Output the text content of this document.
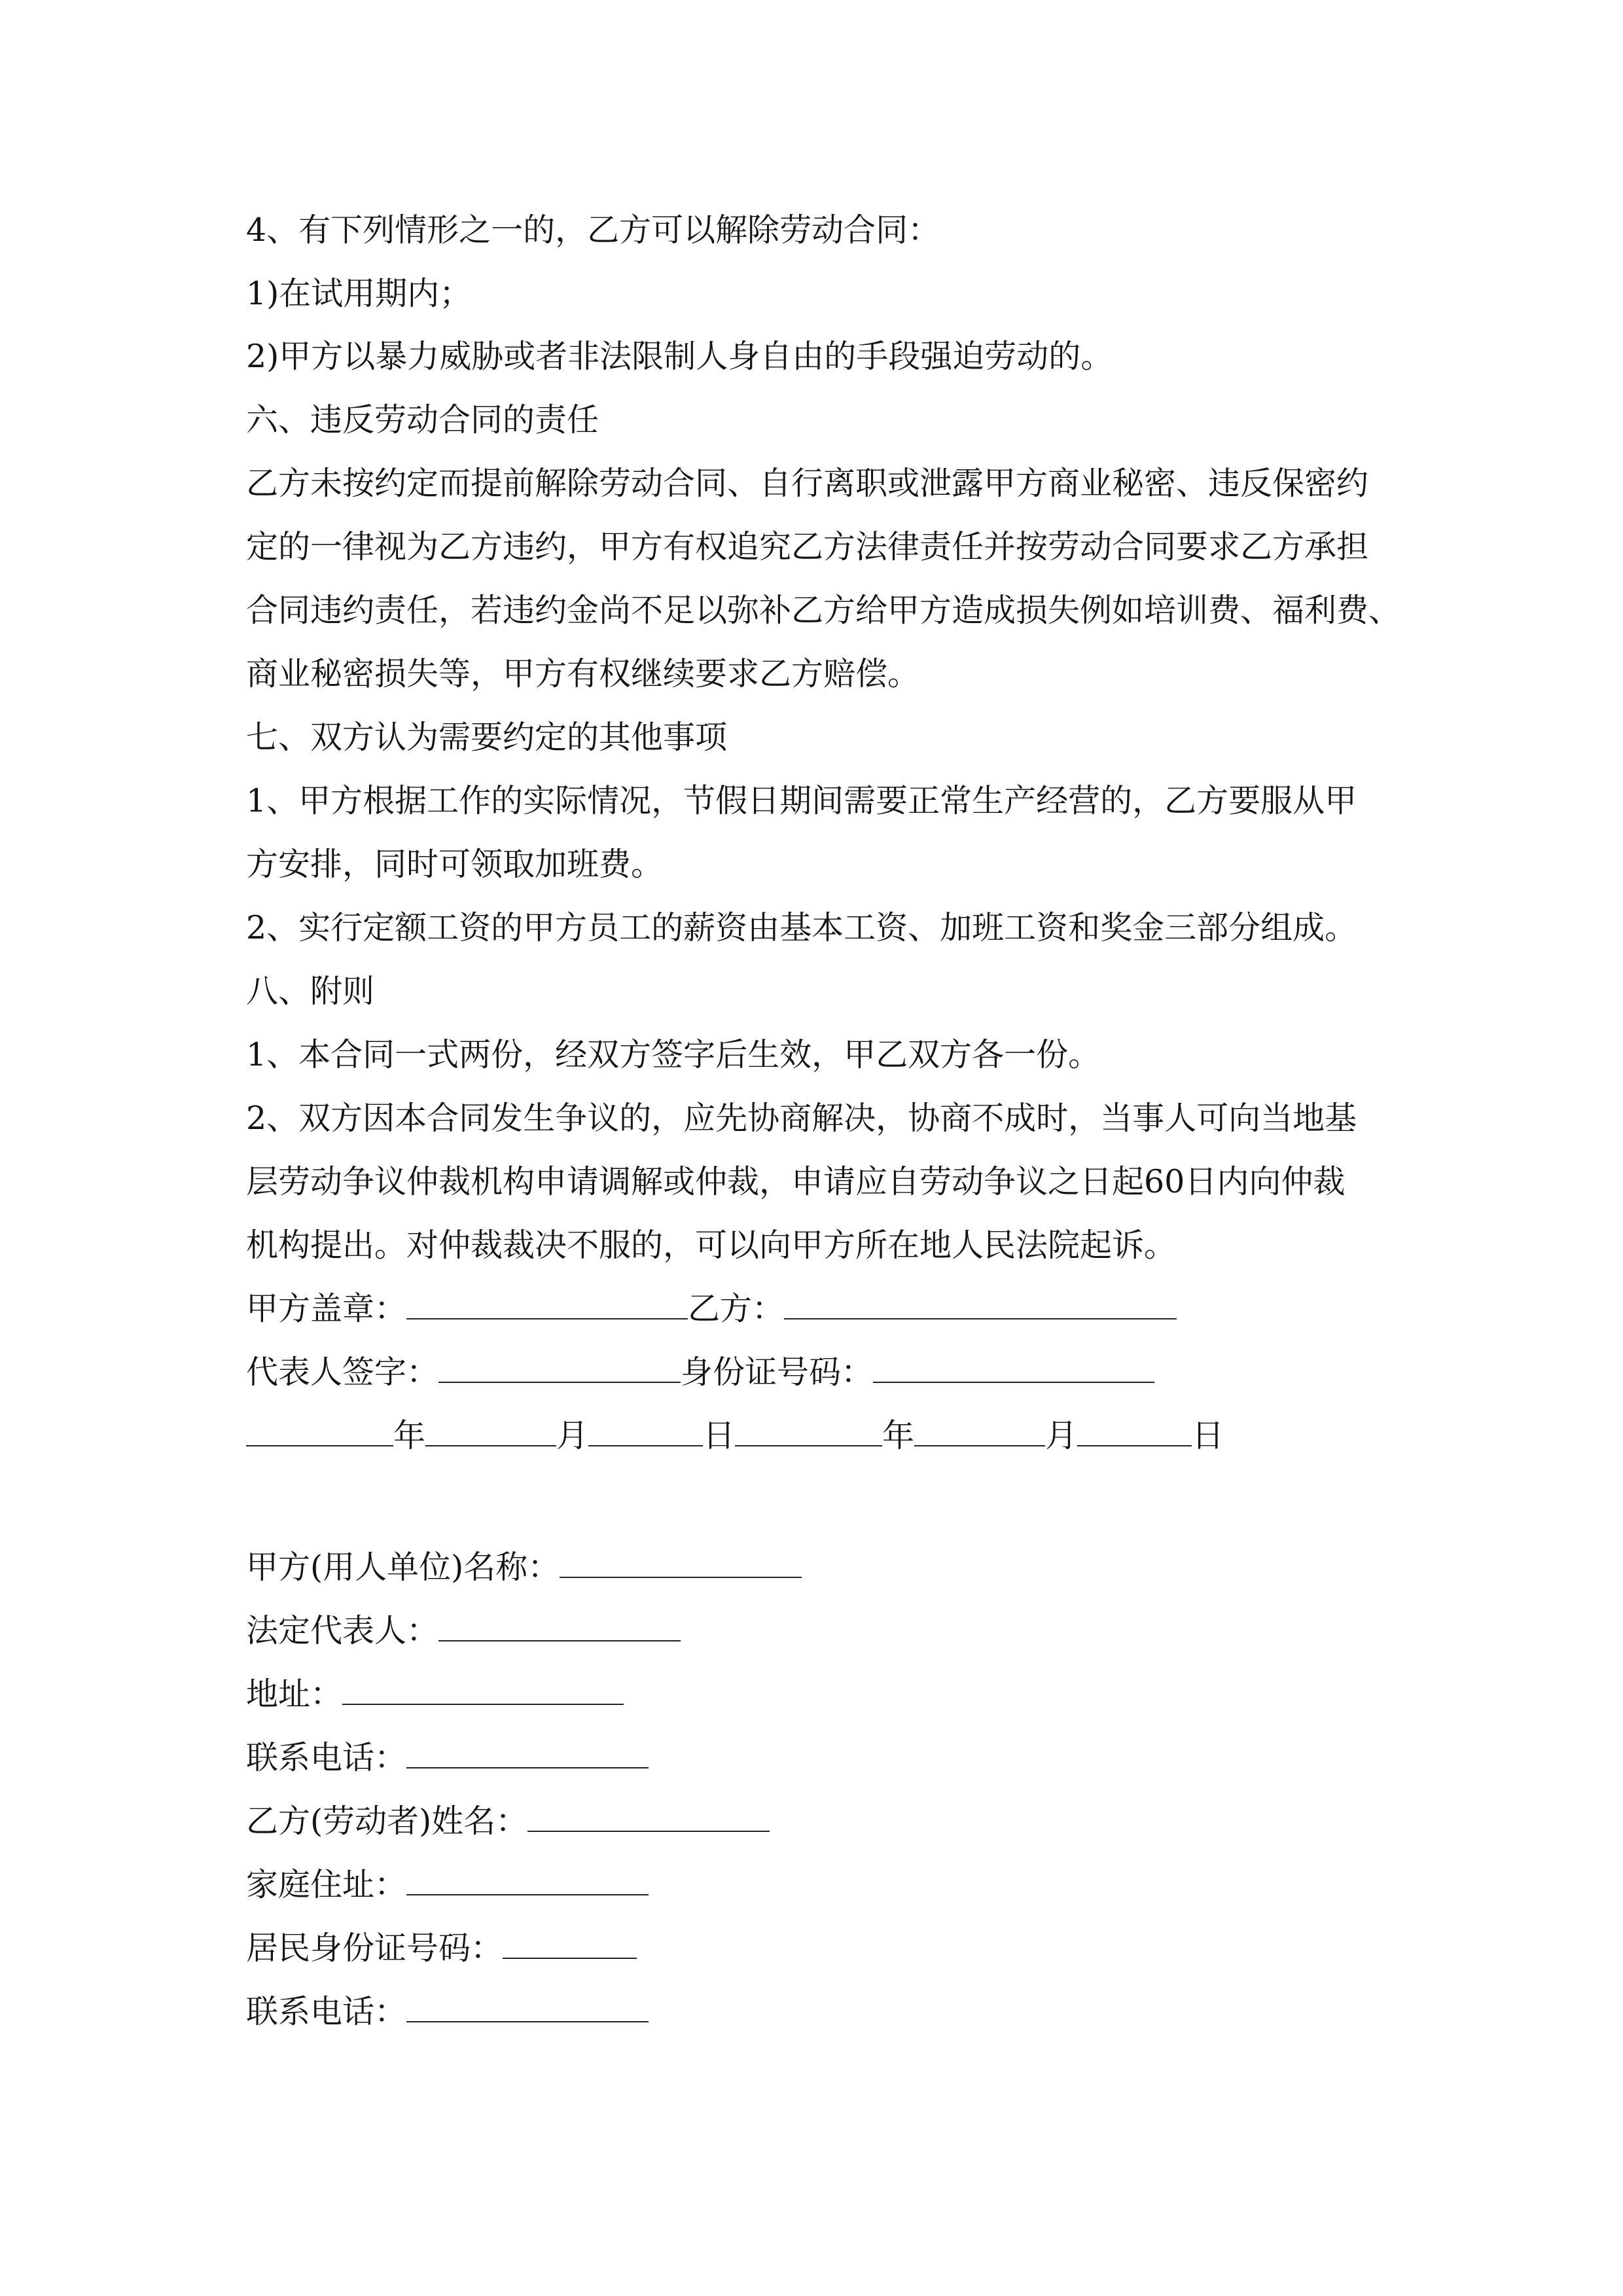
4、有下列情形之一的，乙方可以解除劳动合同：

1)在试用期内；

2)甲方以暴力威胁或者非法限制人身自由的手段强迫劳动的。

六、违反劳动合同的责任

乙方未按约定而提前解除劳动合同、自行离职或泄露甲方商业秘密、违反保密约

定的一律视为乙方违约，甲方有权追究乙方法律责任并按劳动合同要求乙方承担

合同违约责任，若违约金尚不足以弥补乙方给甲方造成损失例如培训费、福利费、

商业秘密损失等，甲方有权继续要求乙方赔偿。

七、双方认为需要约定的其他事项

1、甲方根据工作的实际情况，节假日期间需要正常生产经营的，乙方要服从甲

方安排，同时可领取加班费。

2、实行定额工资的甲方员工的薪资由基本工资、加班工资和奖金三部分组成。

八、附则

1、本合同一式两份，经双方签字后生效，甲乙双方各一份。

2、双方因本合同发生争议的，应先协商解决，协商不成时，当事人可向当地基

层劳动争议仲裁机构申请调解或仲裁，申请应自劳动争议之日起60日内向仲裁

机构提出。对仲裁裁决不服的，可以向甲方所在地人民法院起诉。

甲方盖章：	乙方：

代表人签字：	身份证号码：

年	月	日	年	月	日

甲方(用人单位)名称：

法定代表人：

地址：

联系电话：

乙方(劳动者)姓名：

家庭住址：

居民身份证号码：

联系电话：
